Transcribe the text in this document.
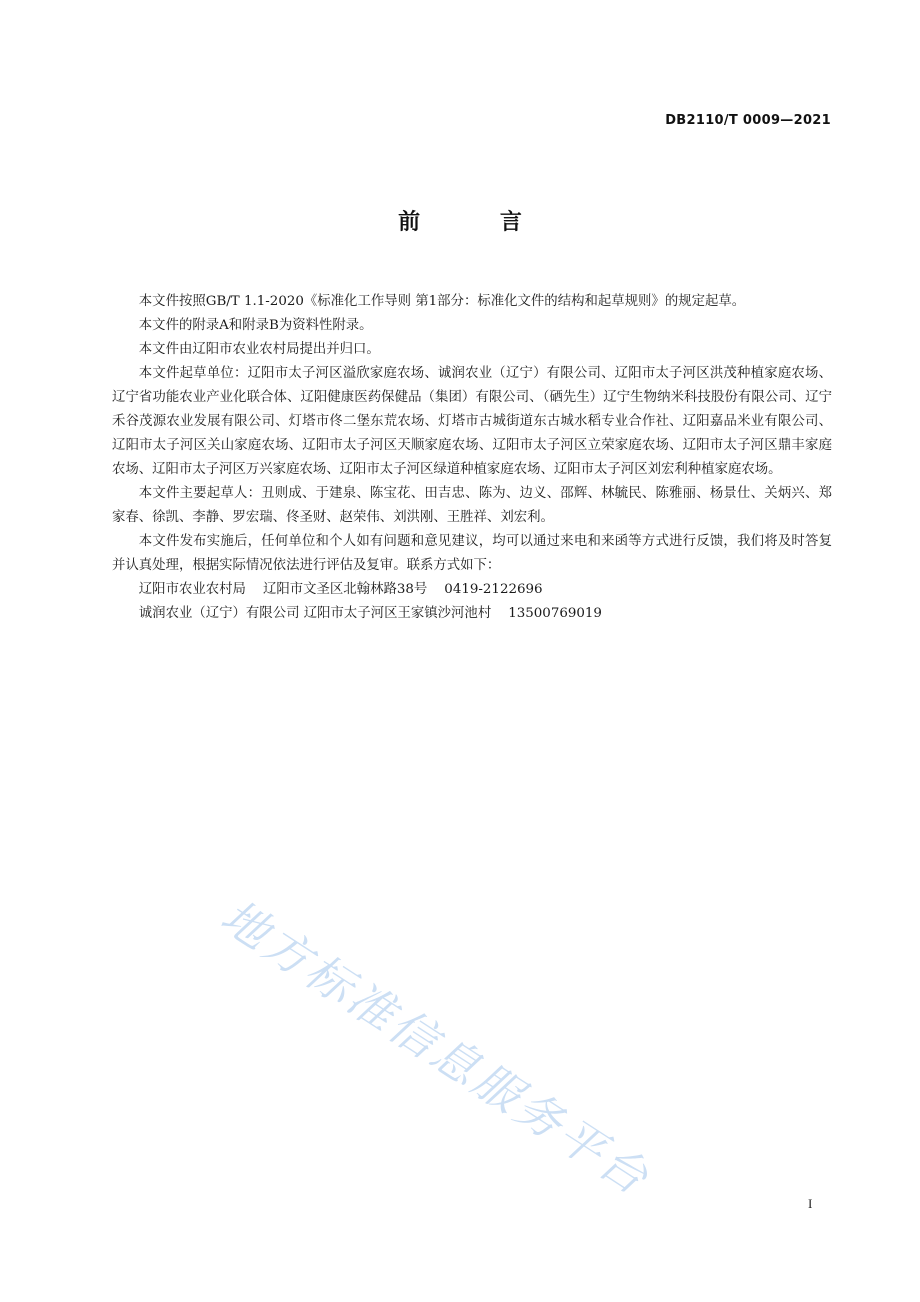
DB2110/T 0009—2021
前 言

本文件按照GB/T 1.1-2020《标准化工作导则 第1部分：标准化文件的结构和起草规则》的规定起草。

本文件的附录A和附录B为资料性附录。

本文件由辽阳市农业农村局提出并归口。

本文件起草单位：辽阳市太子河区溢欣家庭农场、诚润农业（辽宁）有限公司、辽阳市太子河区洪茂种植家庭农场、辽宁省功能农业产业化联合体、辽阳健康医药保健品（集团）有限公司、（硒先生）辽宁生物纳米科技股份有限公司、辽宁禾谷茂源农业发展有限公司、灯塔市佟二堡东荒农场、灯塔市古城街道东古城水稻专业合作社、辽阳嘉品米业有限公司、辽阳市太子河区关山家庭农场、辽阳市太子河区天顺家庭农场、辽阳市太子河区立荣家庭农场、辽阳市太子河区鼎丰家庭农场、辽阳市太子河区万兴家庭农场、辽阳市太子河区绿道种植家庭农场、辽阳市太子河区刘宏利种植家庭农场。

本文件主要起草人：丑则成、于建泉、陈宝花、田吉忠、陈为、边义、邵辉、林毓民、陈雅丽、杨景仕、关炳兴、郑家春、徐凯、李静、罗宏瑞、佟圣财、赵荣伟、刘洪刚、王胜祥、刘宏利。

本文件发布实施后，任何单位和个人如有问题和意见建议，均可以通过来电和来函等方式进行反馈，我们将及时答复并认真处理，根据实际情况依法进行评估及复审。联系方式如下：

辽阳市农业农村局    辽阳市文圣区北翰林路38号    0419-2122696

诚润农业（辽宁）有限公司 辽阳市太子河区王家镇沙河池村    13500769019

地方标准信息服务平台	I
